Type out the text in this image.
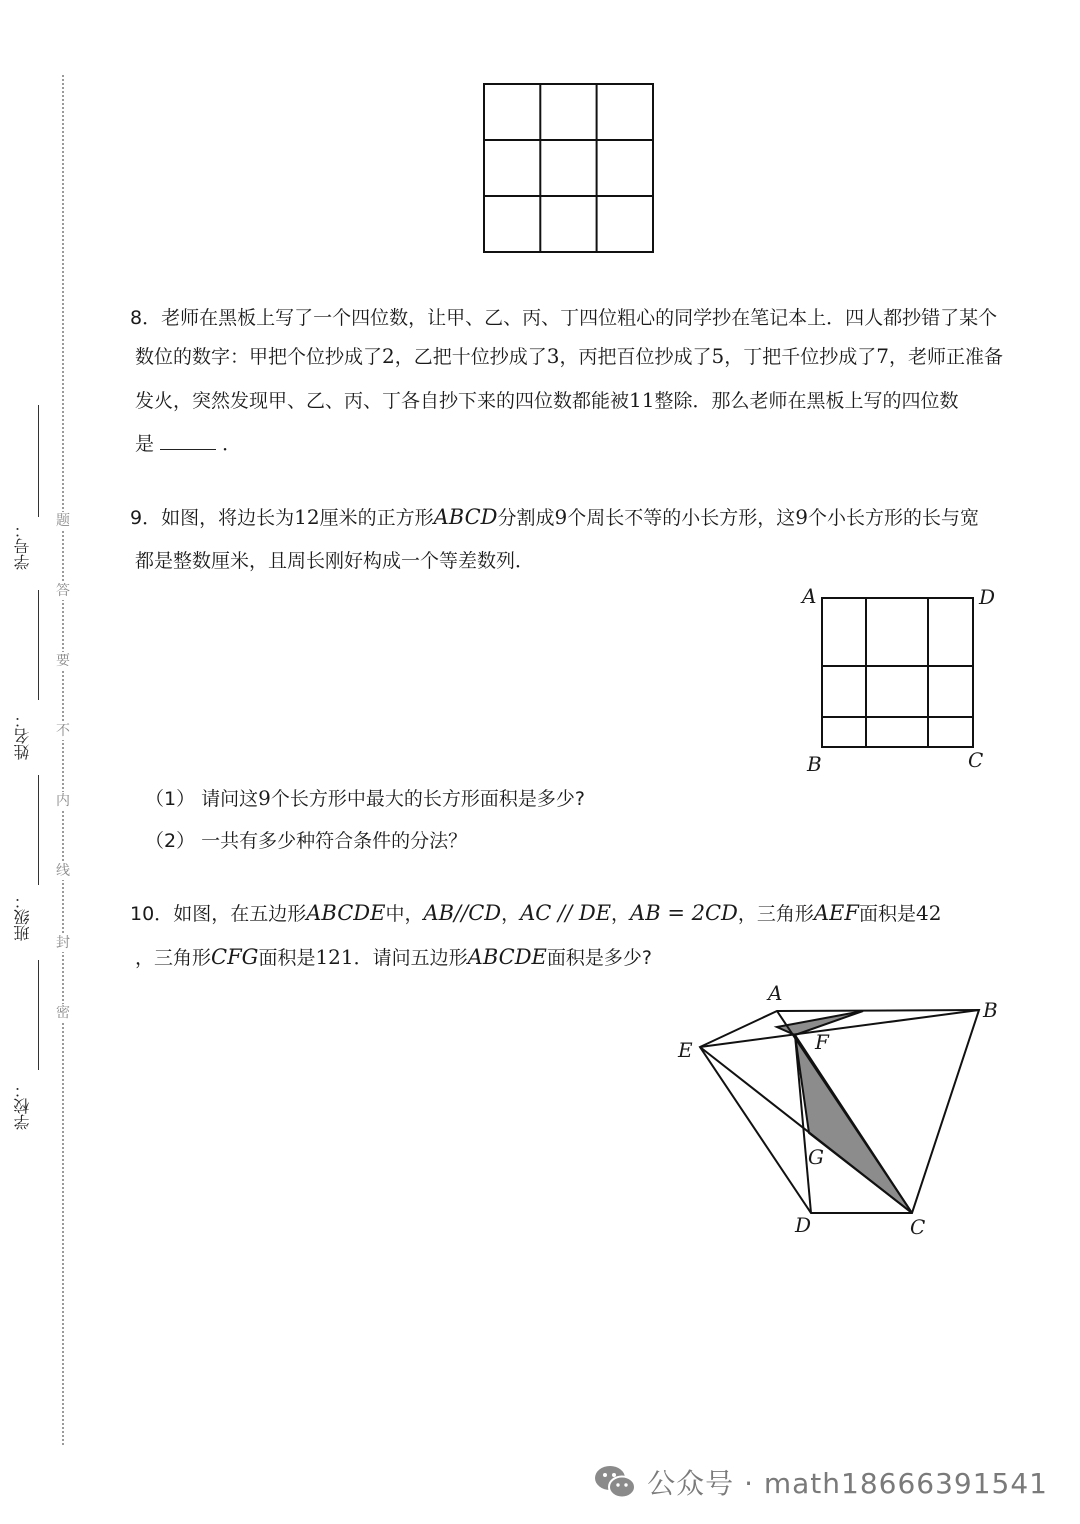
学号：
姓名：
班级：
学校：
题
答
要
不
内
线
封
密
8．老师在黑板上写了一个四位数，让甲、乙、丙、丁四位粗心的同学抄在笔记本上．四人都抄错了某个
数位的数字：甲把个位抄成了2，乙把十位抄成了3，丙把百位抄成了5，丁把千位抄成了7，老师正准备
发火，突然发现甲、乙、丙、丁各自抄下来的四位数都能被11整除．那么老师在黑板上写的四位数
是	．
9．如图，将边长为12厘米的正方形ABCD分割成9个周长不等的小长方形，这9个小长方形的长与宽
都是整数厘米，且周长刚好构成一个等差数列．
A	D
B	C
（1） 请问这9个长方形中最大的长方形面积是多少?
（2） 一共有多少种符合条件的分法？
10．如图，在五边形ABCDE中，AB//CD，AC // DE，AB = 2CD，三角形AEF面积是42
，三角形CFG面积是121．请问五边形ABCDE面积是多少?
A
B
E	F
G
D	C
公众号 · math18666391541
